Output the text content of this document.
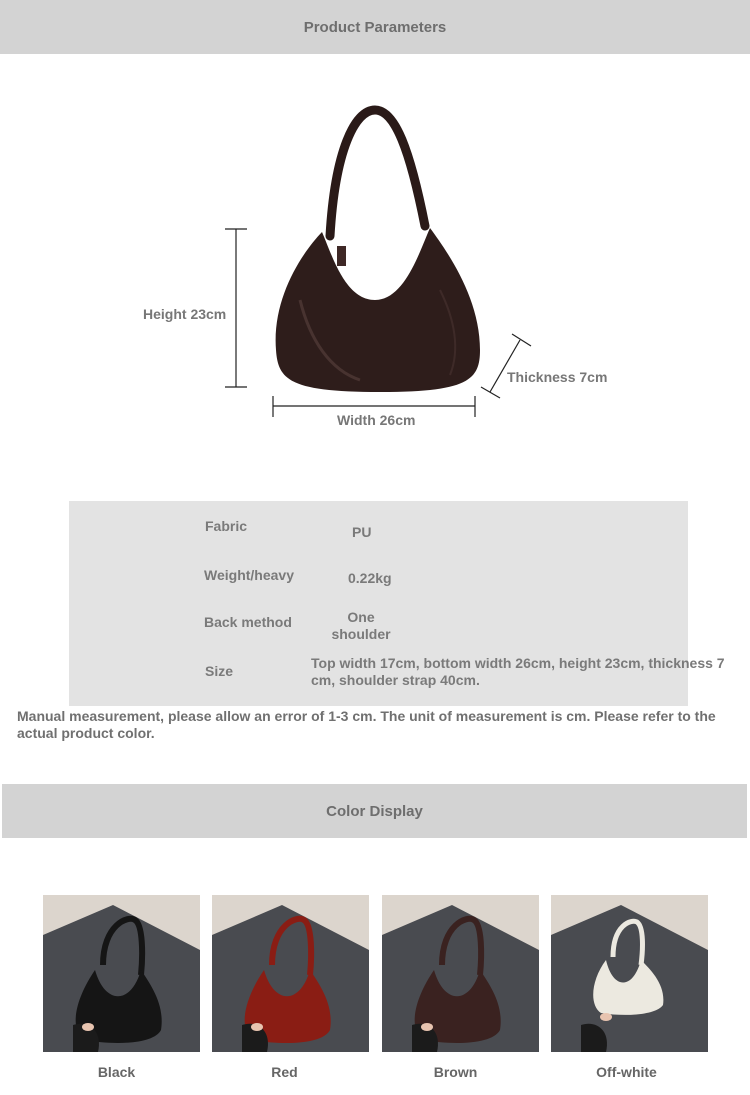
Product Parameters
Height 23cm
Width 26cm
Thickness 7cm
Fabric	PU
Weight/heavy	0.22kg
Back method	One shoulder
Size	Top width 17cm, bottom width 26cm, height 23cm, thickness 7 cm, shoulder strap 40cm.
Manual measurement, please allow an error of 1-3 cm. The unit of measurement is cm. Please refer to the actual product color.
Color Display
Black	Red	Brown	Off-white
